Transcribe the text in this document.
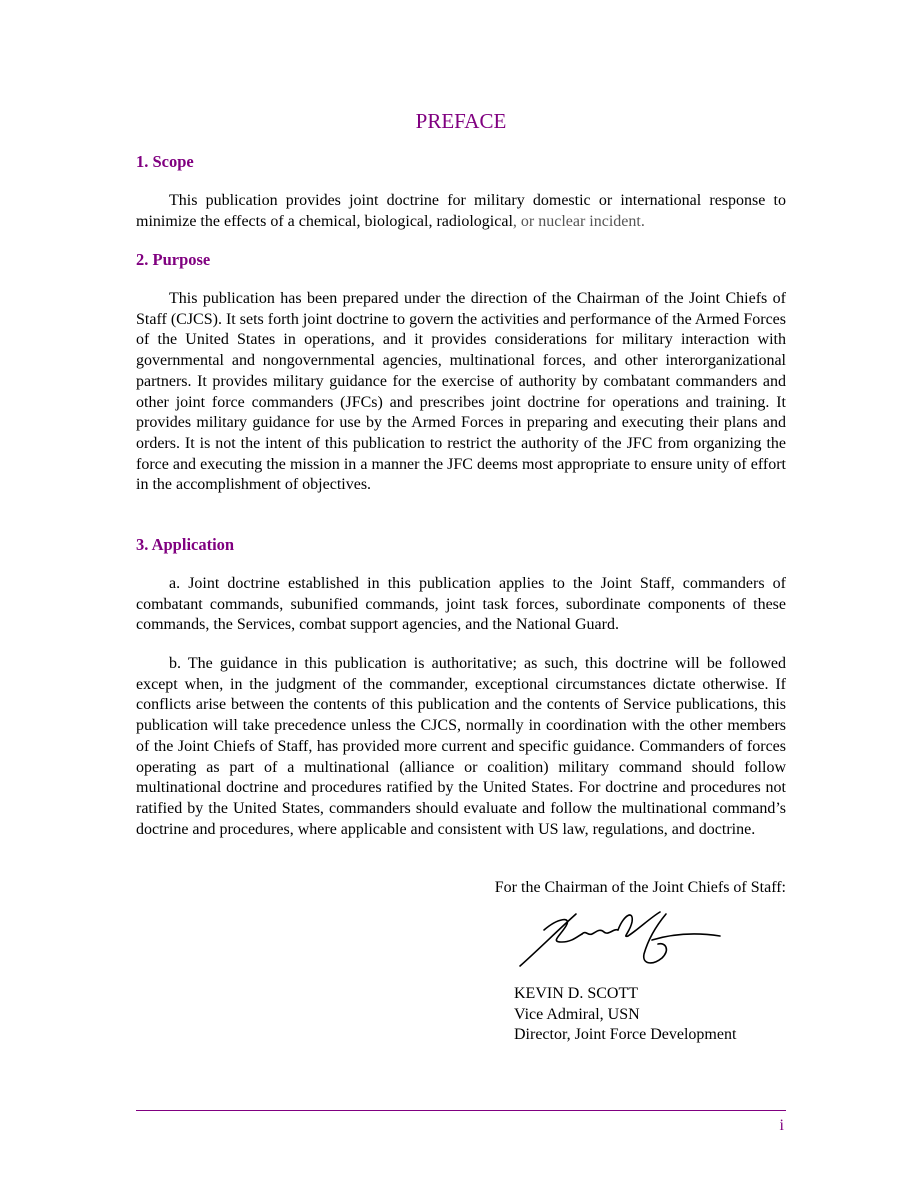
PREFACE
1. Scope

This publication provides joint doctrine for military domestic or international response to minimize the effects of a chemical, biological, radiological, or nuclear incident.

2. Purpose

This publication has been prepared under the direction of the Chairman of the Joint Chiefs of Staff (CJCS). It sets forth joint doctrine to govern the activities and performance of the Armed Forces of the United States in operations, and it provides considerations for military interaction with governmental and nongovernmental agencies, multinational forces, and other interorganizational partners. It provides military guidance for the exercise of authority by combatant commanders and other joint force commanders (JFCs) and prescribes joint doctrine for operations and training. It provides military guidance for use by the Armed Forces in preparing and executing their plans and orders. It is not the intent of this publication to restrict the authority of the JFC from organizing the force and executing the mission in a manner the JFC deems most appropriate to ensure unity of effort in the accomplishment of objectives.

3. Application

a. Joint doctrine established in this publication applies to the Joint Staff, commanders of combatant commands, subunified commands, joint task forces, subordinate components of these commands, the Services, combat support agencies, and the National Guard.

b. The guidance in this publication is authoritative; as such, this doctrine will be followed except when, in the judgment of the commander, exceptional circumstances dictate otherwise. If conflicts arise between the contents of this publication and the contents of Service publications, this publication will take precedence unless the CJCS, normally in coordination with the other members of the Joint Chiefs of Staff, has provided more current and specific guidance. Commanders of forces operating as part of a multinational (alliance or coalition) military command should follow multinational doctrine and procedures ratified by the United States. For doctrine and procedures not ratified by the United States, commanders should evaluate and follow the multinational command’s doctrine and procedures, where applicable and consistent with US law, regulations, and doctrine.

For the Chairman of the Joint Chiefs of Staff:
KEVIN D. SCOTT
Vice Admiral, USN
Director, Joint Force Development
i
